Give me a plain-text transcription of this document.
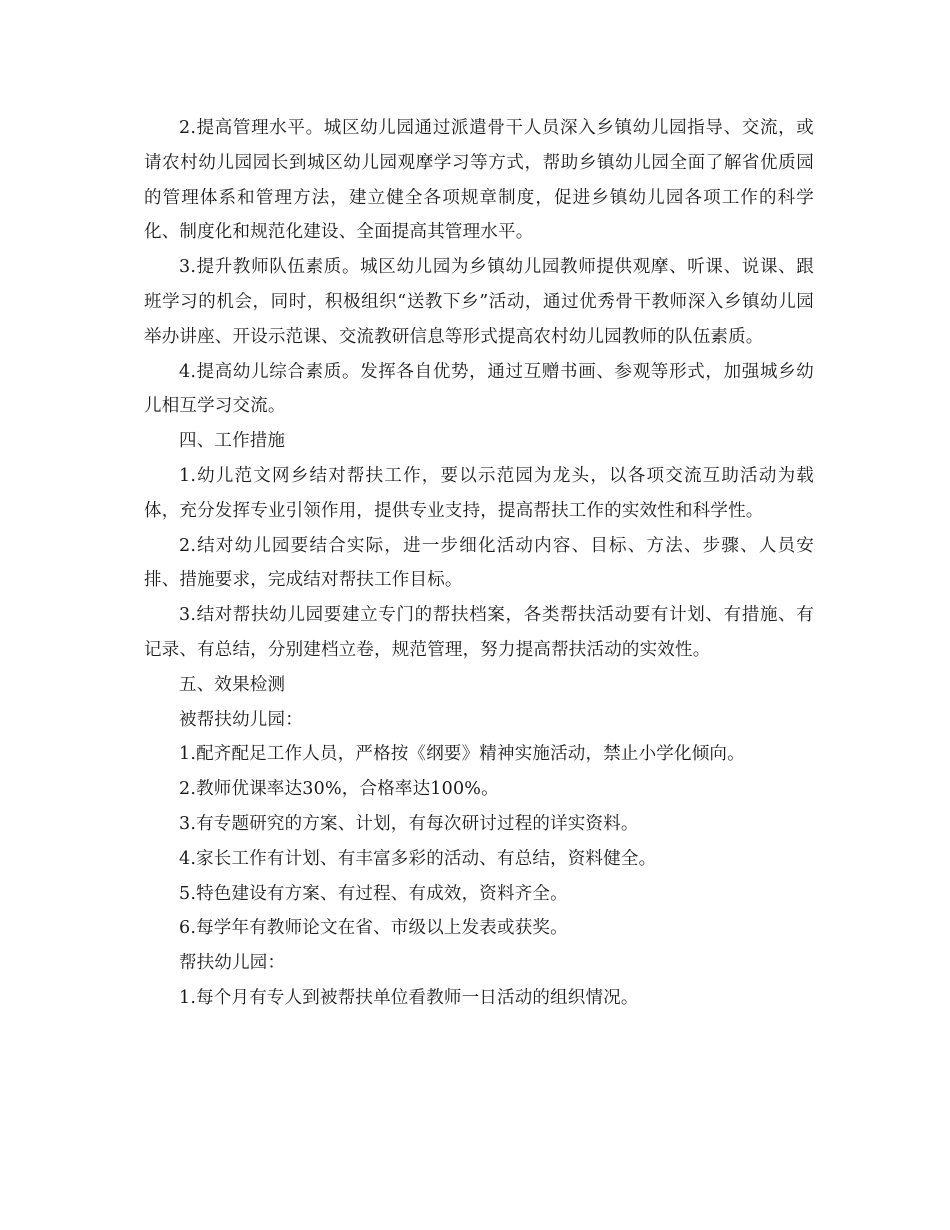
2.提高管理水平。城区幼儿园通过派遣骨干人员深入乡镇幼儿园指导、交流，或请农村幼儿园园长到城区幼儿园观摩学习等方式，帮助乡镇幼儿园全面了解省优质园的管理体系和管理方法，建立健全各项规章制度，促进乡镇幼儿园各项工作的科学化、制度化和规范化建设、全面提高其管理水平。

3.提升教师队伍素质。城区幼儿园为乡镇幼儿园教师提供观摩、听课、说课、跟班学习的机会，同时，积极组织“送教下乡”活动，通过优秀骨干教师深入乡镇幼儿园举办讲座、开设示范课、交流教研信息等形式提高农村幼儿园教师的队伍素质。

4.提高幼儿综合素质。发挥各自优势，通过互赠书画、参观等形式，加强城乡幼儿相互学习交流。

四、工作措施

1.幼儿范文网乡结对帮扶工作，要以示范园为龙头，以各项交流互助活动为载体，充分发挥专业引领作用，提供专业支持，提高帮扶工作的实效性和科学性。

2.结对幼儿园要结合实际，进一步细化活动内容、目标、方法、步骤、人员安排、措施要求，完成结对帮扶工作目标。

3.结对帮扶幼儿园要建立专门的帮扶档案，各类帮扶活动要有计划、有措施、有记录、有总结，分别建档立卷，规范管理，努力提高帮扶活动的实效性。

五、效果检测

被帮扶幼儿园：

1.配齐配足工作人员，严格按《纲要》精神实施活动，禁止小学化倾向。

2.教师优课率达30%，合格率达100%。

3.有专题研究的方案、计划，有每次研讨过程的详实资料。

4.家长工作有计划、有丰富多彩的活动、有总结，资料健全。

5.特色建设有方案、有过程、有成效，资料齐全。

6.每学年有教师论文在省、市级以上发表或获奖。

帮扶幼儿园：

1.每个月有专人到被帮扶单位看教师一日活动的组织情况。
